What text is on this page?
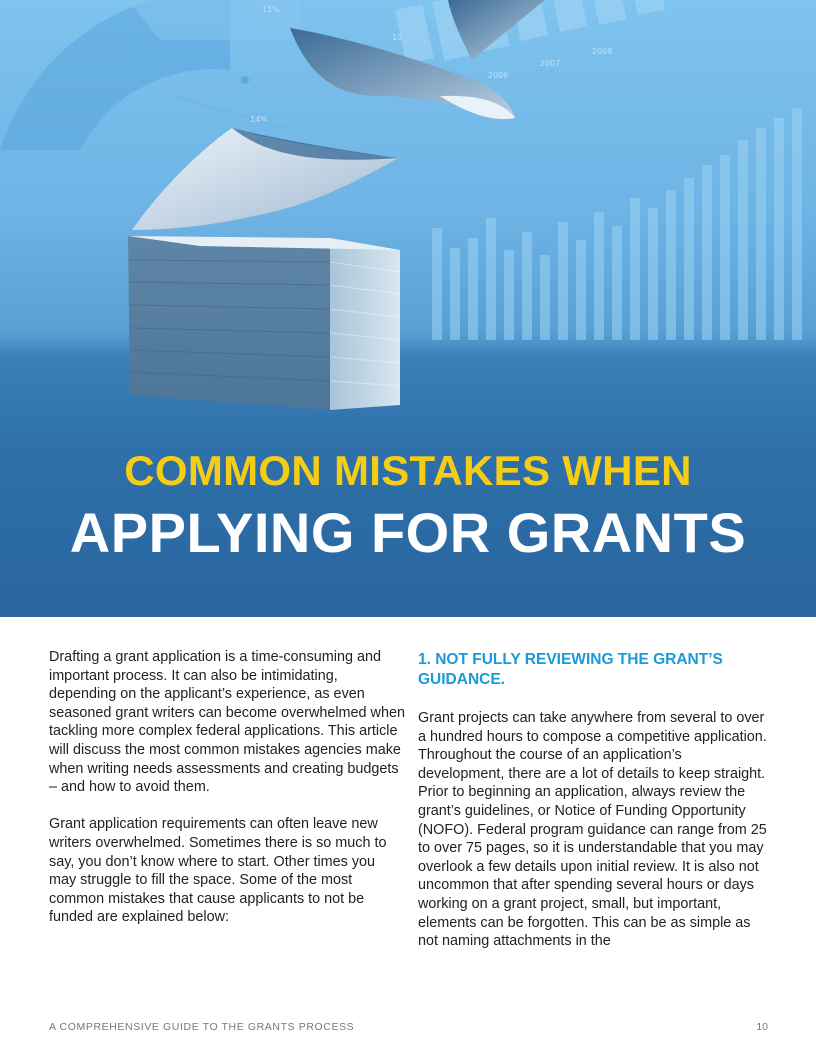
11%
10
14%
2006
2007
2008
COMMON MISTAKES WHEN
APPLYING FOR GRANTS

Drafting a grant application is a time-consuming and important process. It can also be intimidating, depending on the applicant’s experience, as even seasoned grant writers can become overwhelmed when tackling more complex federal applications. This article will discuss the most common mistakes agencies make when writing needs assessments and creating budgets – and how to avoid them.

Grant application requirements can often leave new writers overwhelmed. Sometimes there is so much to say, you don’t know where to start. Other times you may struggle to fill the space. Some of the most common mistakes that cause applicants to not be funded are explained below:

1. NOT FULLY REVIEWING THE GRANT’S GUIDANCE.

Grant projects can take anywhere from several to over a hundred hours to compose a competitive application. Throughout the course of an application’s development, there are a lot of details to keep straight. Prior to beginning an application, always review the grant’s guidelines, or Notice of Funding Opportunity (NOFO). Federal program guidance can range from 25 to over 75 pages, so it is understandable that you may overlook a few details upon initial review. It is also not uncommon that after spending several hours or days working on a grant project, small, but important, elements can be forgotten. This can be as simple as not naming attachments in the

A COMPREHENSIVE GUIDE TO THE GRANTS PROCESS	10
